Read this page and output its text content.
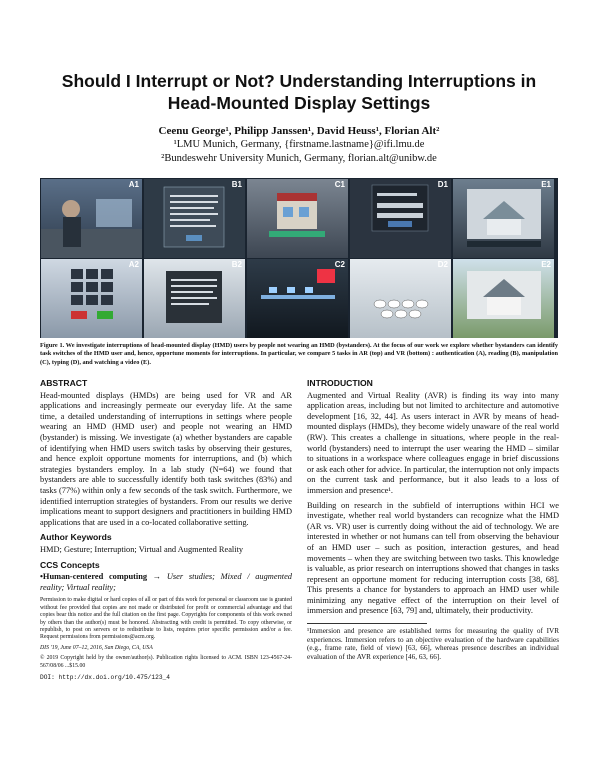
Should I Interrupt or Not? Understanding Interruptions in Head-Mounted Display Settings
Ceenu George¹, Philipp Janssen¹, David Heuss¹, Florian Alt²
¹LMU Munich, Germany, {firstname.lastname}@ifi.lmu.de
²Bundeswehr University Munich, Germany, florian.alt@unibw.de
A1	B1	C1	D1	E1
A2	B2	C2	D2	E2
Figure 1. We investigate interruptions of head-mounted display (HMD) users by people not wearing an HMD (bystanders). At the focus of our work we explore whether bystanders can identify task switches of the HMD user and, hence, opportune moments for interruptions. In particular, we compare 5 tasks in AR (top) and VR (bottom) : authentication (A), reading (B), manipulation (C), typing (D), and watching a video (E).
ABSTRACT
Head-mounted displays (HMDs) are being used for VR and AR applications and increasingly permeate our everyday life. At the same time, a detailed understanding of interruptions in settings where people wearing an HMD (HMD user) and people not wearing an HMD (bystander) is missing. We investigate (a) whether bystanders are capable of identifying when HMD users switch tasks by observing their gestures, and hence exploit opportune moments for interruptions, and (b) which strategies bystanders employ. In a lab study (N=64) we found that bystanders are able to successfully identify both task switches (83%) and tasks (77%) within only a few seconds of the task switch. Furthermore, we identified interruption strategies of bystanders. From our results we derive implications meant to support designers and practitioners in building HMD applications that are used in a co-located collaborative setting.
Author Keywords
HMD; Gesture; Interruption; Virtual and Augmented Reality
CCS Concepts
•Human-centered computing → User studies; Mixed / augmented reality; Virtual reality;
Permission to make digital or hard copies of all or part of this work for personal or classroom use is granted without fee provided that copies are not made or distributed for profit or commercial advantage and that copies bear this notice and the full citation on the first page. Copyrights for components of this work owned by others than the author(s) must be honored. Abstracting with credit is permitted. To copy otherwise, or republish, to post on servers or to redistribute to lists, requires prior specific permission and/or a fee. Request permissions from permissions@acm.org.
DIS '19, June 07–12, 2016, San Diego, CA, USA
© 2019 Copyright held by the owner/author(s). Publication rights licensed to ACM. ISBN 123-4567-24-567/08/06 ...$15.00
DOI: http://dx.doi.org/10.475/123_4
INTRODUCTION
Augmented and Virtual Reality (AVR) is finding its way into many application areas, including but not limited to architecture and automotive development [16, 32, 44]. As users interact in AVR by means of head-mounted displays (HMDs), they become widely unaware of the real world (RW). This creates a challenge in situations, where people in the real-world (bystanders) need to interrupt the user wearing the HMD – similar to situations in a workspace where colleagues engage in brief discussions or ask each other for advice. In particular, the interruption not only impacts on the current task and performance, but it also leads to a loss of immersion and presence¹.
Building on research in the subfield of interruptions within HCI we investigate, whether real world bystanders can recognize what the HMD (AR vs. VR) user is currently doing without the aid of technology. We are interested in whether or not humans can tell from observing the behaviour of an HMD user – such as position, interaction gestures, and head movements – when they are switching between two tasks. This knowledge is valuable, as prior research on interruptions showed that changes in tasks represent an opportune moment for reducing interruption costs [38, 68]. This presents a chance for bystanders to approach an HMD user while minimizing any negative effect of the interruption on their level of immersion and presence [63, 79] and, ultimately, their productivity.
¹Immersion and presence are established terms for measuring the quality of IVR experiences. Immersion refers to an objective evaluation of the hardware capabilities (e.g., frame rate, field of view) [63, 66], whereas presence describes an individual evaluation of the AVR experience [46, 63, 66].
